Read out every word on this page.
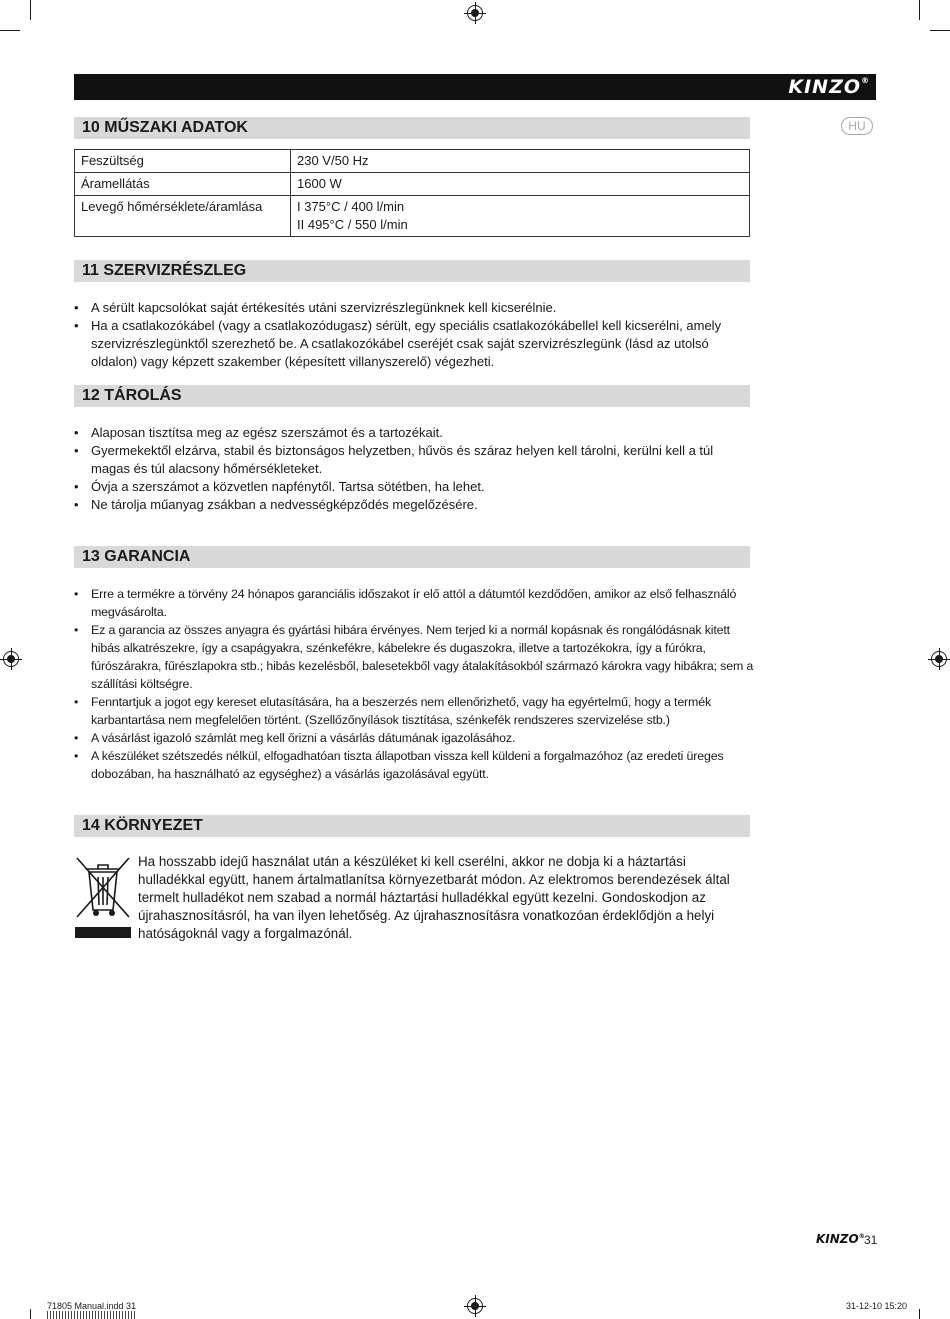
KINZO®
HU
10 MŰSZAKI ADATOK
Feszültség	230 V/50 Hz
Áramellátás	1600 W
Levegő hőmérséklete/áramlása	I 375°C / 400 l/min
II 495°C / 550 l/min
11 SZERVIZRÉSZLEG
• A sérült kapcsolókat saját értékesítés utáni szervizrészlegünknek kell kicserélnie.
• Ha a csatlakozókábel (vagy a csatlakozódugasz) sérült, egy speciális csatlakozókábellel kell kicserélni, amely szervizrészlegünktől szerezhető be. A csatlakozókábel cseréjét csak saját szervizrészlegünk (lásd az utolsó oldalon) vagy képzett szakember (képesített villanyszerelő) végezheti.
12 TÁROLÁS
• Alaposan tisztítsa meg az egész szerszámot és a tartozékait.
• Gyermekektől elzárva, stabil és biztonságos helyzetben, hűvös és száraz helyen kell tárolni, kerülni kell a túl magas és túl alacsony hőmérsékleteket.
• Óvja a szerszámot a közvetlen napfénytől. Tartsa sötétben, ha lehet.
• Ne tárolja műanyag zsákban a nedvességképződés megelőzésére.
13 GARANCIA
• Erre a termékre a törvény 24 hónapos garanciális időszakot ír elő attól a dátumtól kezdődően, amikor az első felhasználó megvásárolta.
• Ez a garancia az összes anyagra és gyártási hibára érvényes. Nem terjed ki a normál kopásnak és rongálódásnak kitett hibás alkatrészekre, így a csapágyakra, szénkefékre, kábelekre és dugaszokra, illetve a tartozékokra, így a fúrókra, fúrószárakra, fűrészlapokra stb.; hibás kezelésből, balesetekből vagy átalakításokból származó károkra vagy hibákra; sem a szállítási költségre.
• Fenntartjuk a jogot egy kereset elutasítására, ha a beszerzés nem ellenőrizhető, vagy ha egyértelmű, hogy a termék karbantartása nem megfelelően történt. (Szellőzőnyílások tisztítása, szénkefék rendszeres szervizelése stb.)
• A vásárlást igazoló számlát meg kell őrizni a vásárlás dátumának igazolásához.
• A készüléket szétszedés nélkül, elfogadhatóan tiszta állapotban vissza kell küldeni a forgalmazóhoz (az eredeti üreges dobozában, ha használható az egységhez) a vásárlás igazolásával együtt.
14 KÖRNYEZET
Ha hosszabb idejű használat után a készüléket ki kell cserélni, akkor ne dobja ki a háztartási hulladékkal együtt, hanem ártalmatlanítsa környezetbarát módon. Az elektromos berendezések által termelt hulladékot nem szabad a normál háztartási hulladékkal együtt kezelni. Gondoskodjon az újrahasznosításról, ha van ilyen lehetőség. Az újrahasznosításra vonatkozóan érdeklődjön a helyi hatóságoknál vagy a forgalmazónál.
KINZO® 31
71805 Manual.indd 31	31-12-10 15:20
